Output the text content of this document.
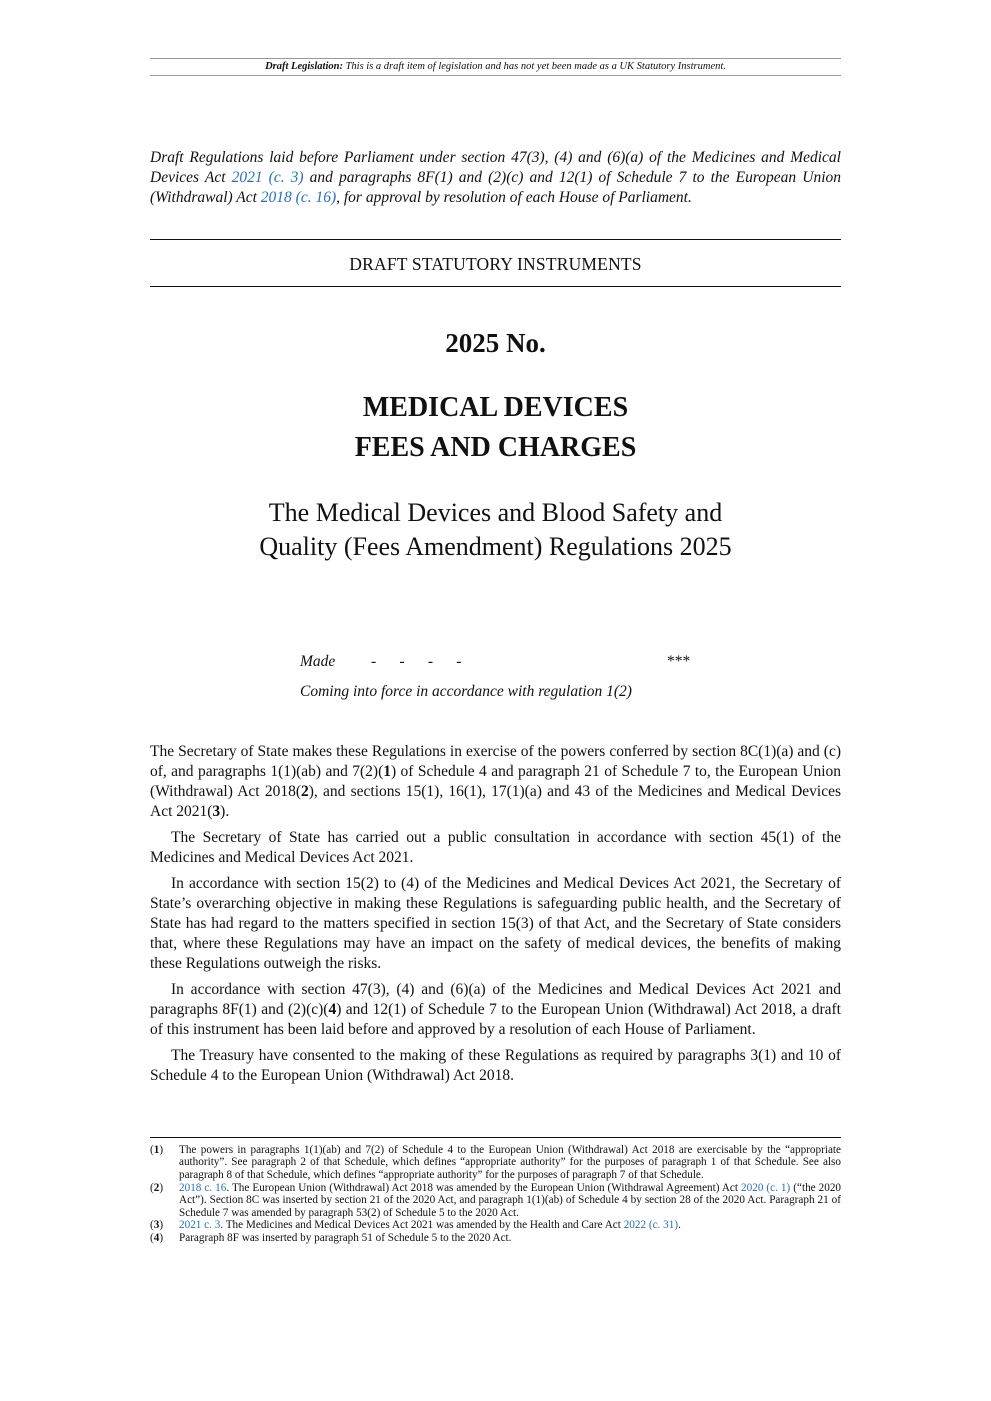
Draft Legislation: This is a draft item of legislation and has not yet been made as a UK Statutory Instrument.
Draft Regulations laid before Parliament under section 47(3), (4) and (6)(a) of the Medicines and Medical Devices Act 2021 (c. 3) and paragraphs 8F(1) and (2)(c) and 12(1) of Schedule 7 to the European Union (Withdrawal) Act 2018 (c. 16), for approval by resolution of each House of Parliament.
DRAFT STATUTORY INSTRUMENTS
2025 No.
MEDICAL DEVICES
FEES AND CHARGES
The Medical Devices and Blood Safety and
Quality (Fees Amendment) Regulations 2025
Made -      -      -      -	***
Coming into force in accordance with regulation 1(2)

The Secretary of State makes these Regulations in exercise of the powers conferred by section 8C(1)(a) and (c) of, and paragraphs 1(1)(ab) and 7(2)(1) of Schedule 4 and paragraph 21 of Schedule 7 to, the European Union (Withdrawal) Act 2018(2), and sections 15(1), 16(1), 17(1)(a) and 43 of the Medicines and Medical Devices Act 2021(3).

The Secretary of State has carried out a public consultation in accordance with section 45(1) of the Medicines and Medical Devices Act 2021.

In accordance with section 15(2) to (4) of the Medicines and Medical Devices Act 2021, the Secretary of State’s overarching objective in making these Regulations is safeguarding public health, and the Secretary of State has had regard to the matters specified in section 15(3) of that Act, and the Secretary of State considers that, where these Regulations may have an impact on the safety of medical devices, the benefits of making these Regulations outweigh the risks.

In accordance with section 47(3), (4) and (6)(a) of the Medicines and Medical Devices Act 2021 and paragraphs 8F(1) and (2)(c)(4) and 12(1) of Schedule 7 to the European Union (Withdrawal) Act 2018, a draft of this instrument has been laid before and approved by a resolution of each House of Parliament.

The Treasury have consented to the making of these Regulations as required by paragraphs 3(1) and 10 of Schedule 4 to the European Union (Withdrawal) Act 2018.

(1) The powers in paragraphs 1(1)(ab) and 7(2) of Schedule 4 to the European Union (Withdrawal) Act 2018 are exercisable by the “appropriate authority”. See paragraph 2 of that Schedule, which defines “appropriate authority” for the purposes of paragraph 1 of that Schedule. See also paragraph 8 of that Schedule, which defines “appropriate authority” for the purposes of paragraph 7 of that Schedule.
(2) 2018 c. 16. The European Union (Withdrawal) Act 2018 was amended by the European Union (Withdrawal Agreement) Act 2020 (c. 1) (“the 2020 Act”). Section 8C was inserted by section 21 of the 2020 Act, and paragraph 1(1)(ab) of Schedule 4 by section 28 of the 2020 Act. Paragraph 21 of Schedule 7 was amended by paragraph 53(2) of Schedule 5 to the 2020 Act.
(3) 2021 c. 3. The Medicines and Medical Devices Act 2021 was amended by the Health and Care Act 2022 (c. 31).
(4) Paragraph 8F was inserted by paragraph 51 of Schedule 5 to the 2020 Act.
